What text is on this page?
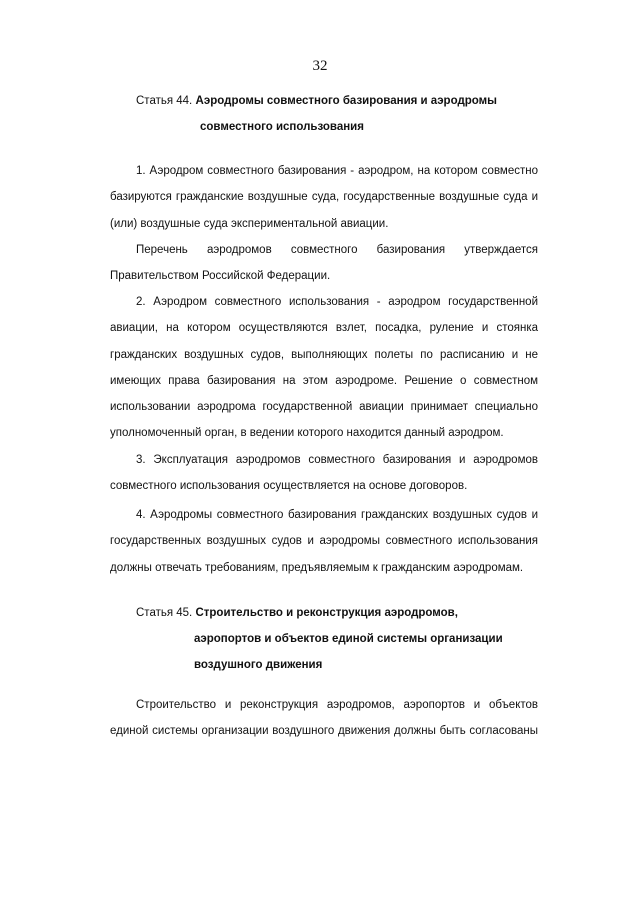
32
Статья 44. Аэродромы совместного базирования и аэродромы
совместного использования
1. Аэродром совместного базирования - аэродром, на котором совместно базируются гражданские воздушные суда, государственные воздушные суда и (или) воздушные суда экспериментальной авиации.
Перечень аэродромов совместного базирования утверждается Правительством Российской Федерации.
2. Аэродром совместного использования - аэродром государственной авиации, на котором осуществляются взлет, посадка, руление и стоянка гражданских воздушных судов, выполняющих полеты по расписанию и не имеющих права базирования на этом аэродроме. Решение о совместном использовании аэродрома государственной авиации принимает специально уполномоченный орган, в ведении которого находится данный аэродром.
3. Эксплуатация аэродромов совместного базирования и аэродромов совместного использования осуществляется на основе договоров.
4. Аэродромы совместного базирования гражданских воздушных судов и государственных воздушных судов и аэродромы совместного использования должны отвечать требованиям, предъявляемым к гражданским аэродромам.
Статья 45. Строительство и реконструкция аэродромов,
аэропортов и объектов единой системы организации
воздушного движения
Строительство и реконструкция аэродромов, аэропортов и объектов единой системы организации воздушного движения должны быть согласованы
